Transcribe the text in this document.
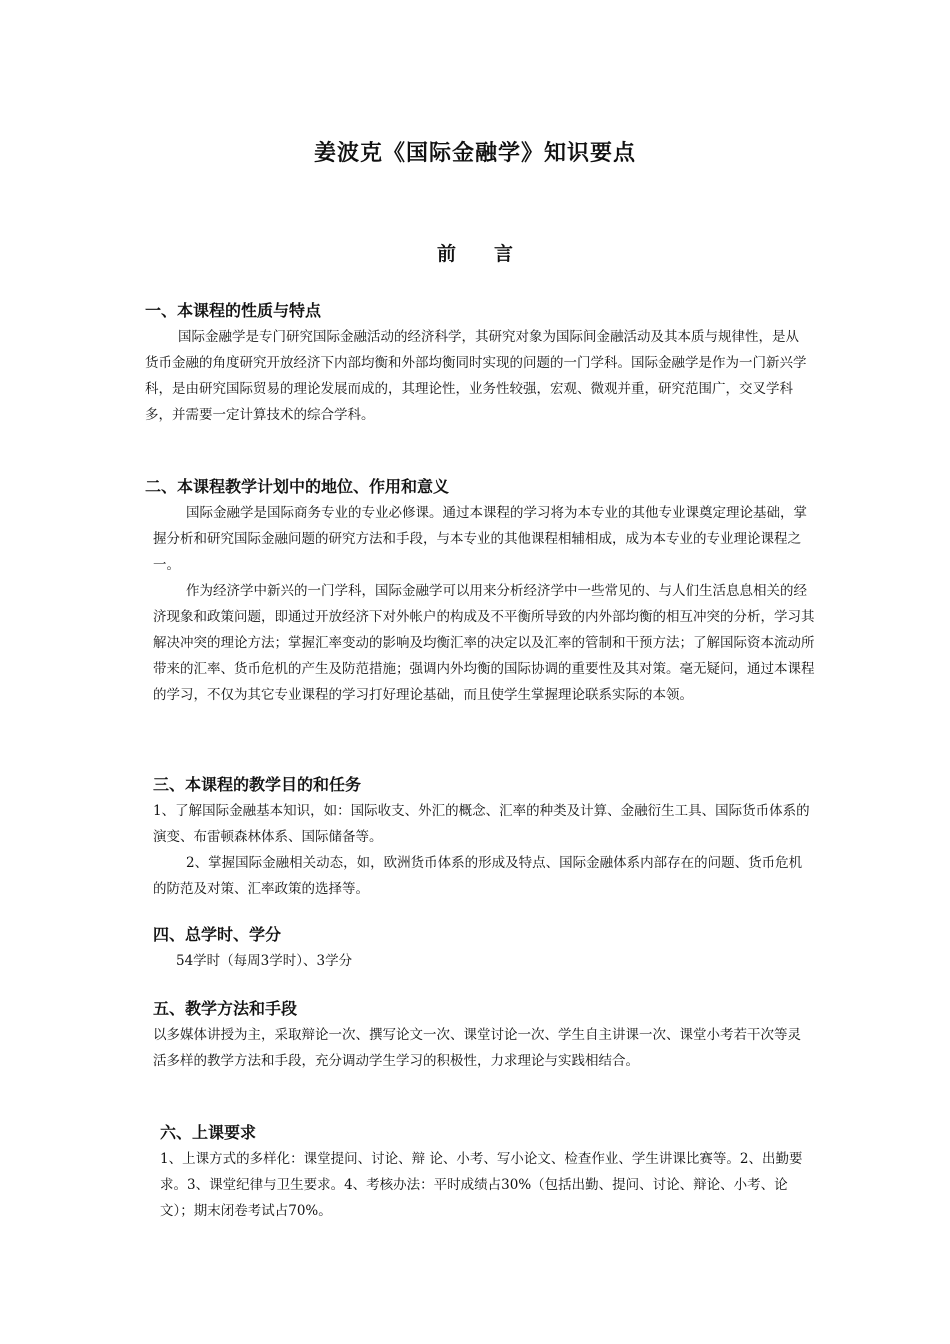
姜波克《国际金融学》知识要点
前言

一、本课程的性质与特点

国际金融学是专门研究国际金融活动的经济科学，其研究对象为国际间金融活动及其本质与规律性，是从货币金融的角度研究开放经济下内部均衡和外部均衡同时实现的问题的一门学科。国际金融学是作为一门新兴学科，是由研究国际贸易的理论发展而成的，其理论性，业务性较强，宏观、微观并重，研究范围广，交叉学科多，并需要一定计算技术的综合学科。

二、本课程教学计划中的地位、作用和意义

国际金融学是国际商务专业的专业必修课。通过本课程的学习将为本专业的其他专业课奠定理论基础，掌握分析和研究国际金融问题的研究方法和手段，与本专业的其他课程相辅相成，成为本专业的专业理论课程之一。

作为经济学中新兴的一门学科，国际金融学可以用来分析经济学中一些常见的、与人们生活息息相关的经济现象和政策问题，即通过开放经济下对外帐户的构成及不平衡所导致的内外部均衡的相互冲突的分析，学习其解决冲突的理论方法；掌握汇率变动的影响及均衡汇率的决定以及汇率的管制和干预方法；了解国际资本流动所带来的汇率、货币危机的产生及防范措施；强调内外均衡的国际协调的重要性及其对策。毫无疑问，通过本课程的学习，不仅为其它专业课程的学习打好理论基础，而且使学生掌握理论联系实际的本领。

三、本课程的教学目的和任务

1、了解国际金融基本知识，如：国际收支、外汇的概念、汇率的种类及计算、金融衍生工具、国际货币体系的演变、布雷顿森林体系、国际储备等。

2、掌握国际金融相关动态，如，欧洲货币体系的形成及特点、国际金融体系内部存在的问题、货币危机的防范及对策、汇率政策的选择等。

四、总学时、学分

54学时（每周3学时）、3学分

五、教学方法和手段

以多媒体讲授为主，采取辩论一次、撰写论文一次、课堂讨论一次、学生自主讲课一次、课堂小考若干次等灵活多样的教学方法和手段，充分调动学生学习的积极性，力求理论与实践相结合。

六、上课要求

1、上课方式的多样化：课堂提问、讨论、辩 论、小考、写小论文、检查作业、学生讲课比赛等。2、出勤要求。3、课堂纪律与卫生要求。4、考核办法：平时成绩占30%（包括出勤、提问、讨论、辩论、小考、论文）；期末闭卷考试占70%。
